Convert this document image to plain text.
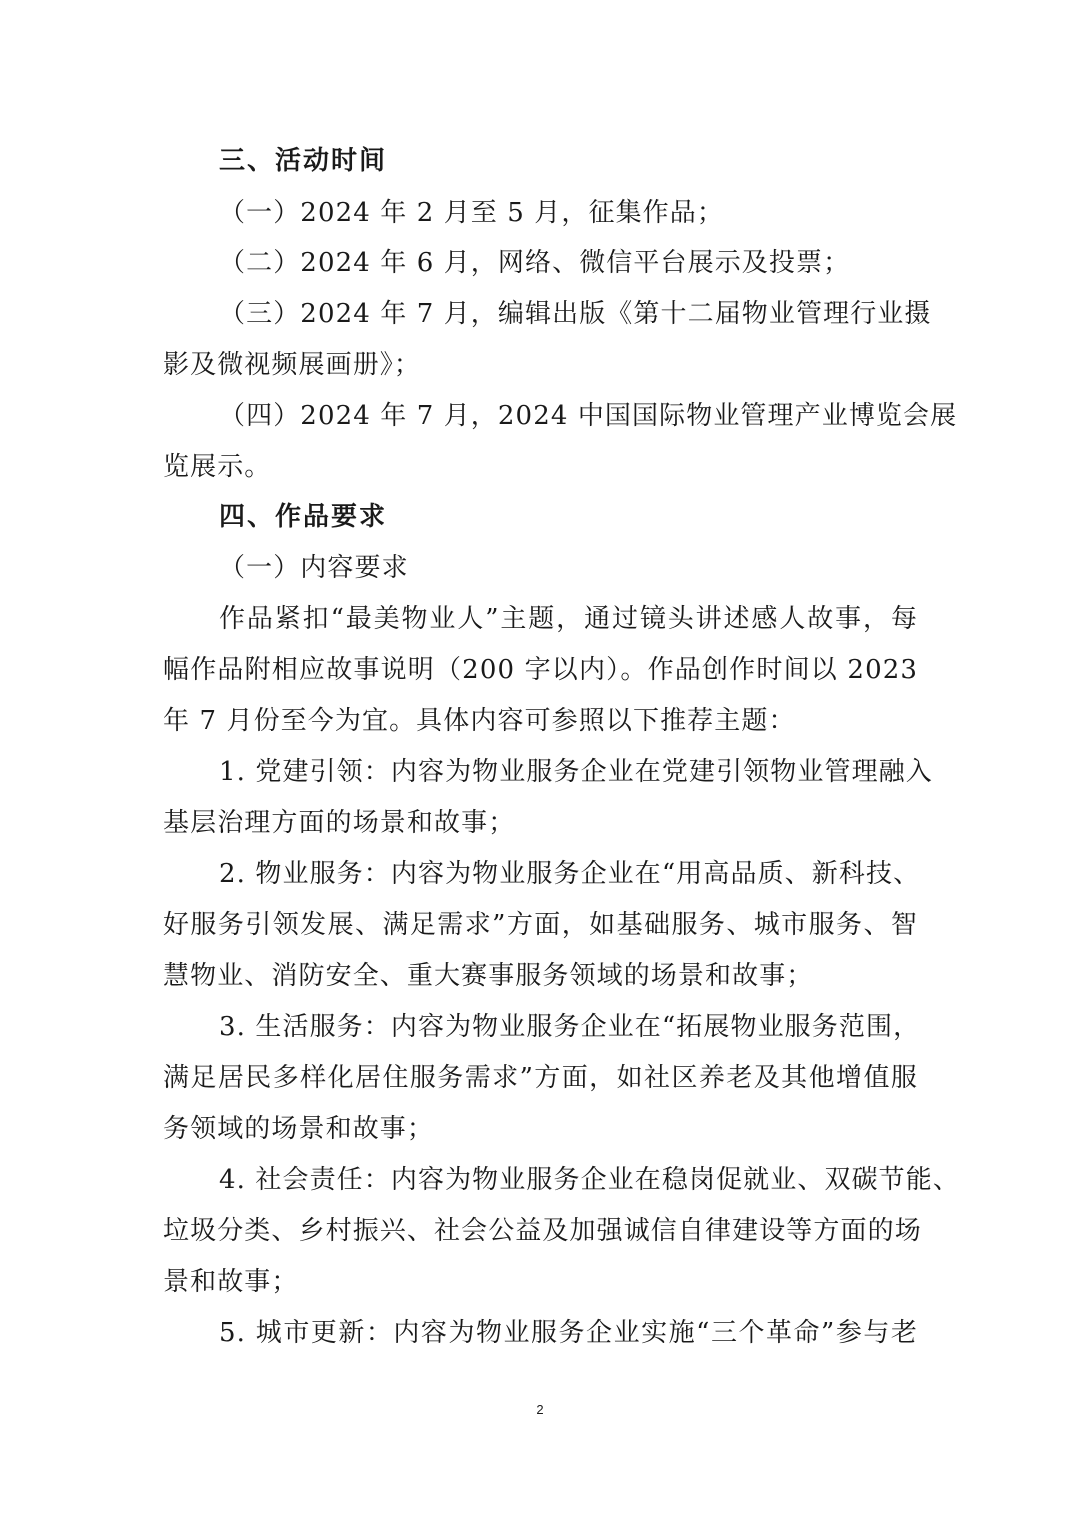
三、活动时间
（一）2024 年 2 月至 5 月，征集作品；
（二）2024 年 6 月，网络、微信平台展示及投票；
（三）2024 年 7 月，编辑出版《第十二届物业管理行业摄
影及微视频展画册》；
（四）2024 年 7 月，2024 中国国际物业管理产业博览会展
览展示。
四、作品要求
（一）内容要求
作品紧扣“最美物业人”主题，通过镜头讲述感人故事，每
幅作品附相应故事说明（200 字以内）。作品创作时间以 2023
年 7 月份至今为宜。具体内容可参照以下推荐主题：
1. 党建引领：内容为物业服务企业在党建引领物业管理融入
基层治理方面的场景和故事；
2. 物业服务：内容为物业服务企业在“用高品质、新科技、
好服务引领发展、满足需求”方面，如基础服务、城市服务、智
慧物业、消防安全、重大赛事服务领域的场景和故事；
3. 生活服务：内容为物业服务企业在“拓展物业服务范围，
满足居民多样化居住服务需求”方面，如社区养老及其他增值服
务领域的场景和故事；
4. 社会责任：内容为物业服务企业在稳岗促就业、双碳节能、
垃圾分类、乡村振兴、社会公益及加强诚信自律建设等方面的场
景和故事；
5. 城市更新：内容为物业服务企业实施“三个革命”参与老
2
